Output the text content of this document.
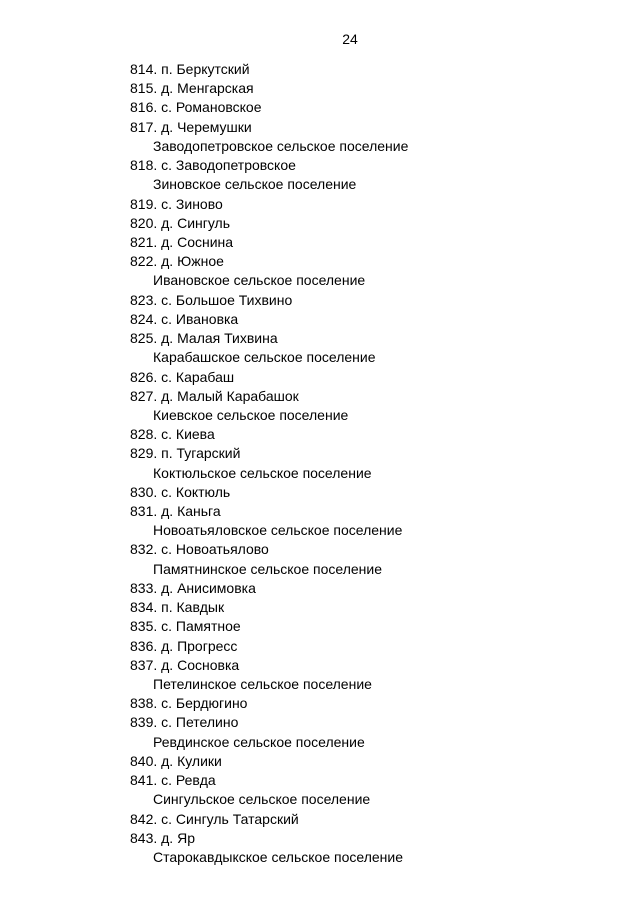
24
814. п. Беркутский
815. д. Менгарская
816. с. Романовское
817. д. Черемушки
Заводопетровское сельское поселение
818. с. Заводопетровское
Зиновское сельское поселение
819. с. Зиново
820. д. Сингуль
821. д. Соснина
822. д. Южное
Ивановское сельское поселение
823. с. Большое Тихвино
824. с. Ивановка
825. д. Малая Тихвина
Карабашское сельское поселение
826. с. Карабаш
827. д. Малый Карабашок
Киевское сельское поселение
828. с. Киева
829. п. Тугарский
Коктюльское сельское поселение
830. с. Коктюль
831. д. Каньга
Новоатьяловское сельское поселение
832. с. Новоатьялово
Памятнинское сельское поселение
833. д. Анисимовка
834. п. Кавдык
835. с. Памятное
836. д. Прогресс
837. д. Сосновка
Петелинское сельское поселение
838. с. Бердюгино
839. с. Петелино
Ревдинское сельское поселение
840. д. Кулики
841. с. Ревда
Сингульское сельское поселение
842. с. Сингуль Татарский
843. д. Яр
Старокавдыкское сельское поселение
